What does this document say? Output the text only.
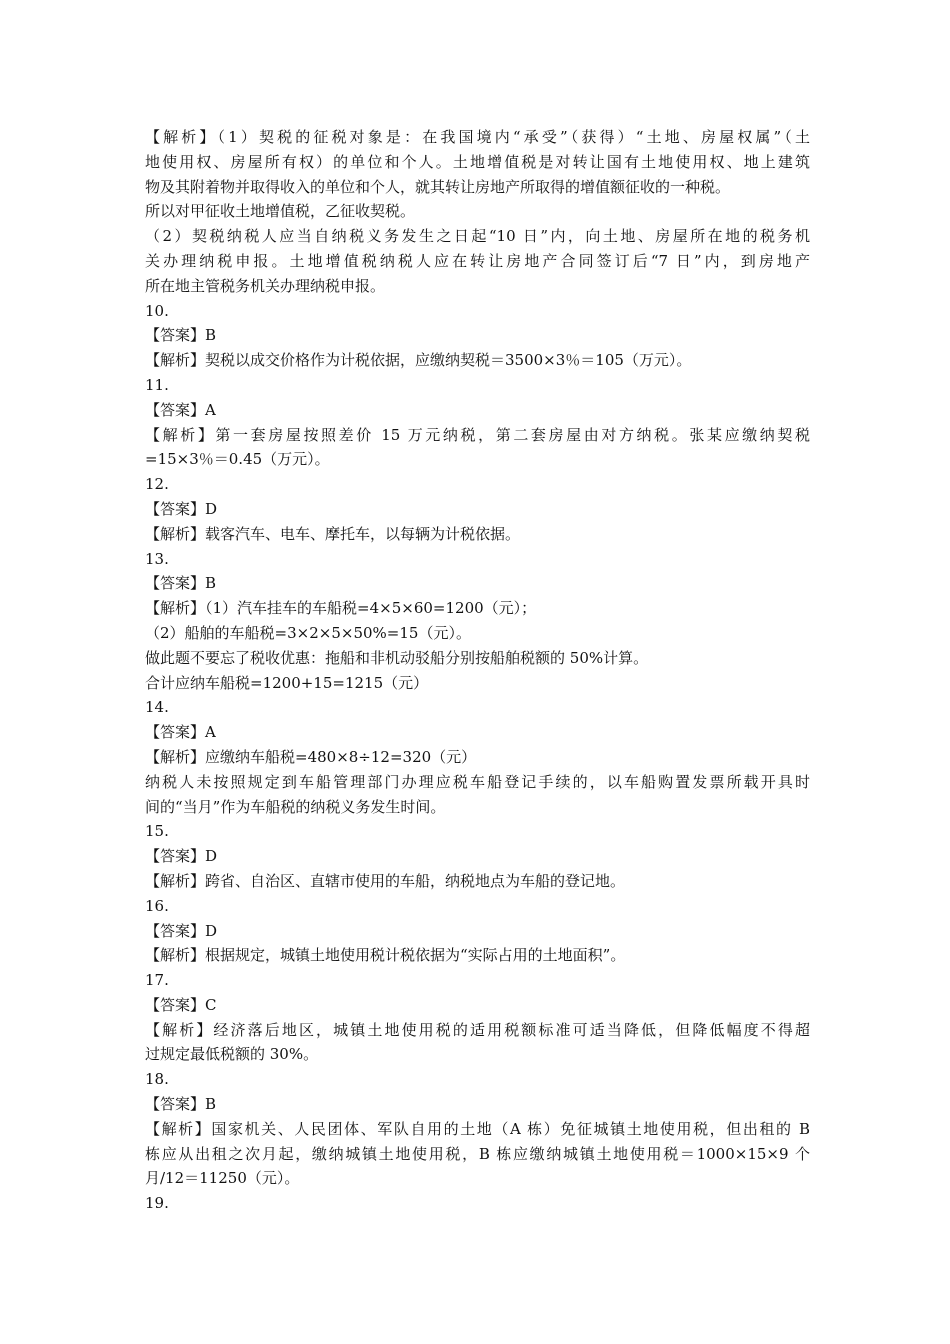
【解析】（1）契税的征税对象是：在我国境内“承受”（获得）“土地、房屋权属”（土
地使用权、房屋所有权）的单位和个人。土地增值税是对转让国有土地使用权、地上建筑
物及其附着物并取得收入的单位和个人，就其转让房地产所取得的增值额征收的一种税。
所以对甲征收土地增值税，乙征收契税。
（2）契税纳税人应当自纳税义务发生之日起“10 日”内，向土地、房屋所在地的税务机
关办理纳税申报。土地增值税纳税人应在转让房地产合同签订后“7 日”内，到房地产
所在地主管税务机关办理纳税申报。
10.
【答案】B
【解析】契税以成交价格作为计税依据，应缴纳契税＝3500×3％＝105（万元）。
11.
【答案】A
【解析】第一套房屋按照差价 15 万元纳税，第二套房屋由对方纳税。张某应缴纳契税
=15×3％＝0.45（万元）。
12.
【答案】D
【解析】载客汽车、电车、摩托车，以每辆为计税依据。
13.
【答案】B
【解析】（1）汽车挂车的车船税=4×5×60=1200（元）；
（2）船舶的车船税=3×2×5×50%=15（元）。
做此题不要忘了税收优惠：拖船和非机动驳船分别按船舶税额的 50%计算。
合计应纳车船税=1200+15=1215（元）
14.
【答案】A
【解析】应缴纳车船税=480×8÷12=320（元）
纳税人未按照规定到车船管理部门办理应税车船登记手续的，以车船购置发票所载开具时
间的“当月”作为车船税的纳税义务发生时间。
15.
【答案】D
【解析】跨省、自治区、直辖市使用的车船，纳税地点为车船的登记地。
16.
【答案】D
【解析】根据规定，城镇土地使用税计税依据为“实际占用的土地面积”。
17.
【答案】C
【解析】经济落后地区，城镇土地使用税的适用税额标准可适当降低，但降低幅度不得超
过规定最低税额的 30%。
18.
【答案】B
【解析】国家机关、人民团体、军队自用的土地（A 栋）免征城镇土地使用税，但出租的 B
栋应从出租之次月起，缴纳城镇土地使用税，B 栋应缴纳城镇土地使用税＝1000×15×9 个
月/12＝11250（元）。
19.
